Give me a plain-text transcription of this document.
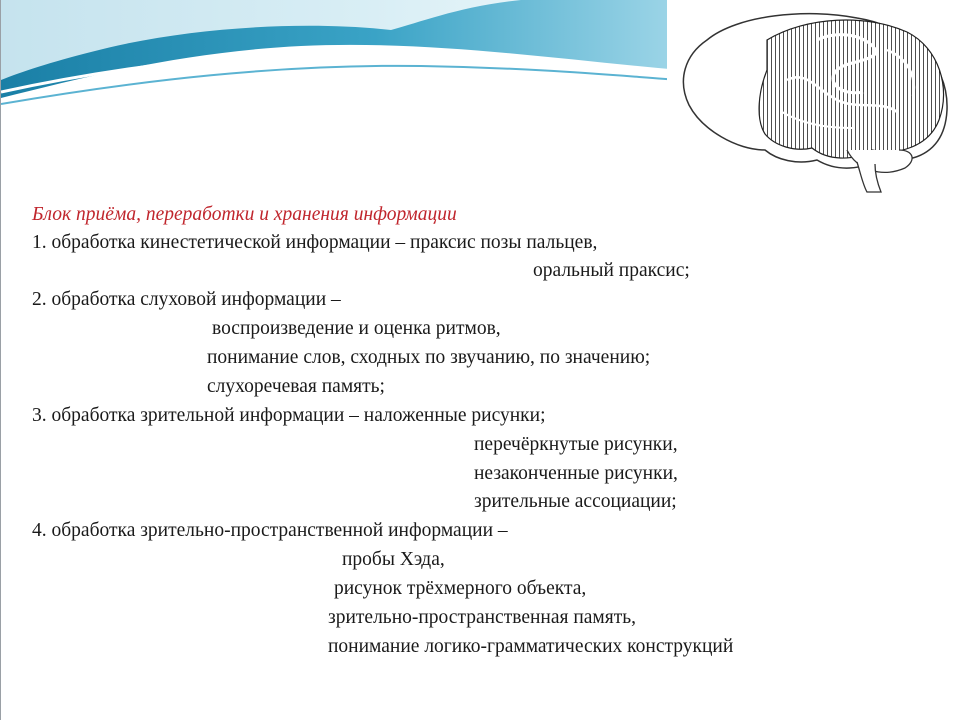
Блок приёма, переработки и хранения информации
1. обработка кинестетической информации – праксис позы пальцев,
оральный праксис;
2. обработка слуховой информации –
воспроизведение и оценка ритмов,
понимание слов, сходных по звучанию, по значению;
слухоречевая память;
3. обработка зрительной информации – наложенные рисунки;
перечёркнутые рисунки,
незаконченные рисунки,
зрительные ассоциации;
4. обработка зрительно-пространственной информации –
пробы Хэда,
рисунок трёхмерного объекта,
зрительно-пространственная память,
понимание логико-грамматических конструкций
